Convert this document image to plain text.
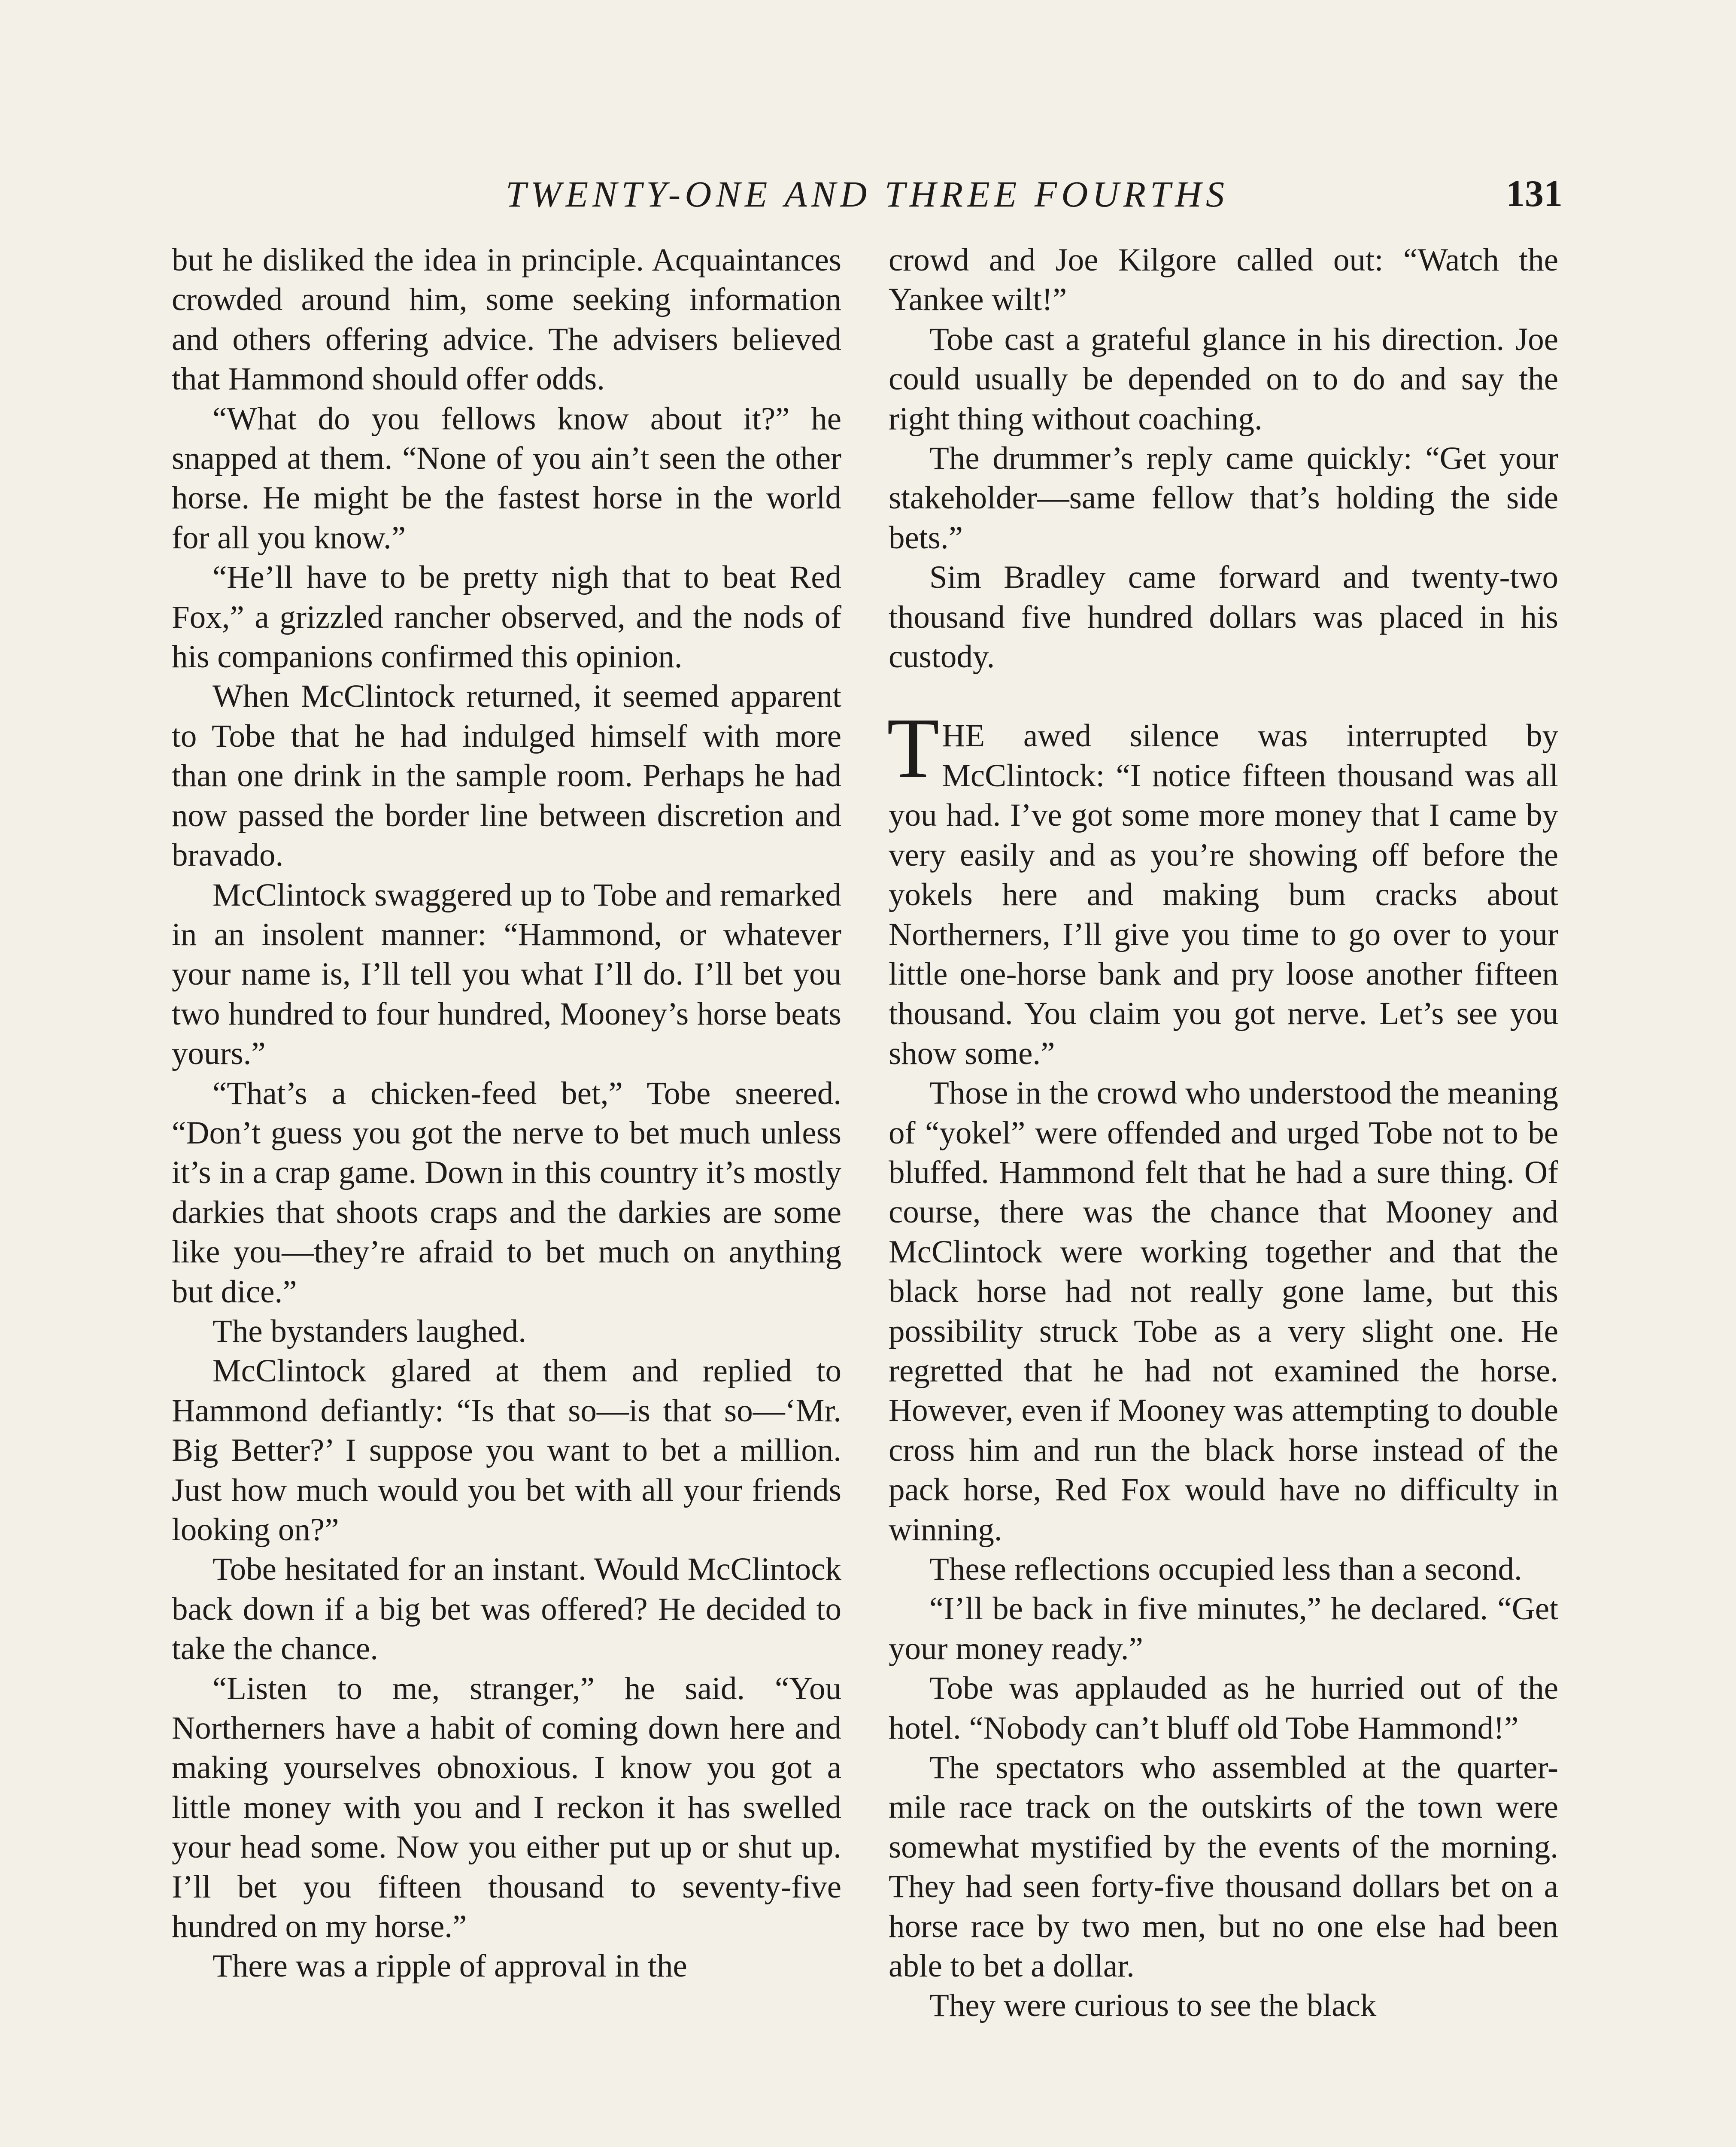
TWENTY-ONE AND THREE FOURTHS	131

but he disliked the idea in principle. Acquaintances crowded around him, some seeking information and others offering advice. The advisers believed that Hammond should offer odds.

“What do you fellows know about it?” he snapped at them. “None of you ain’t seen the other horse. He might be the fastest horse in the world for all you know.”

“He’ll have to be pretty nigh that to beat Red Fox,” a grizzled rancher observed, and the nods of his companions confirmed this opinion.

When McClintock returned, it seemed apparent to Tobe that he had indulged himself with more than one drink in the sample room. Perhaps he had now passed the border line between discretion and bravado.

McClintock swaggered up to Tobe and remarked in an insolent manner: “Hammond, or whatever your name is, I’ll tell you what I’ll do. I’ll bet you two hundred to four hundred, Mooney’s horse beats yours.”

“That’s a chicken-feed bet,” Tobe sneered. “Don’t guess you got the nerve to bet much unless it’s in a crap game. Down in this country it’s mostly darkies that shoots craps and the darkies are some like you—they’re afraid to bet much on anything but dice.”

The bystanders laughed.

McClintock glared at them and replied to Hammond defiantly: “Is that so—is that so—‘Mr. Big Better?’ I suppose you want to bet a million. Just how much would you bet with all your friends looking on?”

Tobe hesitated for an instant. Would McClintock back down if a big bet was offered? He decided to take the chance.

“Listen to me, stranger,” he said. “You Northerners have a habit of coming down here and making yourselves obnoxious. I know you got a little money with you and I reckon it has swelled your head some. Now you either put up or shut up. I’ll bet you fifteen thousand to seventy-five hundred on my horse.”

There was a ripple of approval in the

crowd and Joe Kilgore called out: “Watch the Yankee wilt!”

Tobe cast a grateful glance in his direction. Joe could usually be depended on to do and say the right thing without coaching.

The drummer’s reply came quickly: “Get your stakeholder—same fellow that’s holding the side bets.”

Sim Bradley came forward and twenty-two thousand five hundred dollars was placed in his custody.

THE awed silence was interrupted by McClintock: “I notice fifteen thousand was all you had. I’ve got some more money that I came by very easily and as you’re showing off before the yokels here and making bum cracks about Northerners, I’ll give you time to go over to your little one-horse bank and pry loose another fifteen thousand. You claim you got nerve. Let’s see you show some.”

Those in the crowd who understood the meaning of “yokel” were offended and urged Tobe not to be bluffed. Hammond felt that he had a sure thing. Of course, there was the chance that Mooney and McClintock were working together and that the black horse had not really gone lame, but this possibility struck Tobe as a very slight one. He regretted that he had not examined the horse. However, even if Mooney was attempting to double cross him and run the black horse instead of the pack horse, Red Fox would have no difficulty in winning.

These reflections occupied less than a second.

“I’ll be back in five minutes,” he declared. “Get your money ready.”

Tobe was applauded as he hurried out of the hotel. “Nobody can’t bluff old Tobe Hammond!”

The spectators who assembled at the quarter-mile race track on the outskirts of the town were somewhat mystified by the events of the morning. They had seen forty-five thousand dollars bet on a horse race by two men, but no one else had been able to bet a dollar.

They were curious to see the black
